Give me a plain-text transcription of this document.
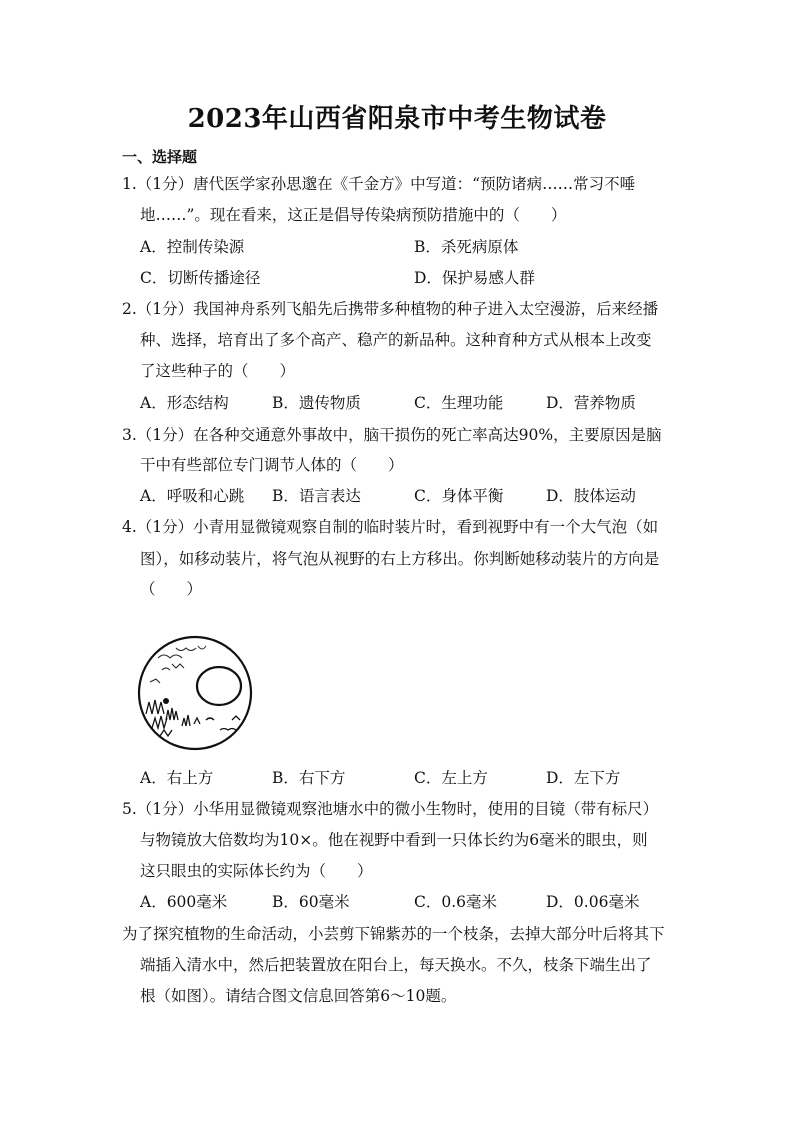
2023年山西省阳泉市中考生物试卷
一、选择题
1.（1分）唐代医学家孙思邈在《千金方》中写道：“预防诸病……常习不唾
地……”。现在看来，这正是倡导传染病预防措施中的（　　）
A．控制传染源	B．杀死病原体
C．切断传播途径	D．保护易感人群
2.（1分）我国神舟系列飞船先后携带多种植物的种子进入太空漫游，后来经播
种、选择，培育出了多个高产、稳产的新品种。这种育种方式从根本上改变
了这些种子的（　　）
A．形态结构	B．遗传物质	C．生理功能	D．营养物质
3.（1分）在各种交通意外事故中，脑干损伤的死亡率高达90%，主要原因是脑
干中有些部位专门调节人体的（　　）
A．呼吸和心跳 B．语言表达	C．身体平衡	D．肢体运动
4.（1分）小青用显微镜观察自制的临时装片时，看到视野中有一个大气泡（如
图），如移动装片，将气泡从视野的右上方移出。你判断她移动装片的方向是
（　　）
A．右上方	B．右下方	C．左上方	D．左下方
5.（1分）小华用显微镜观察池塘水中的微小生物时，使用的目镜（带有标尺）
与物镜放大倍数均为10×。他在视野中看到一只体长约为6毫米的眼虫，则
这只眼虫的实际体长约为（　　）
A．600毫米	B．60毫米	C．0.6毫米	D．0.06毫米
为了探究植物的生命活动，小芸剪下锦紫苏的一个枝条，去掉大部分叶后将其下
端插入清水中，然后把装置放在阳台上，每天换水。不久，枝条下端生出了
根（如图）。请结合图文信息回答第6～10题。
